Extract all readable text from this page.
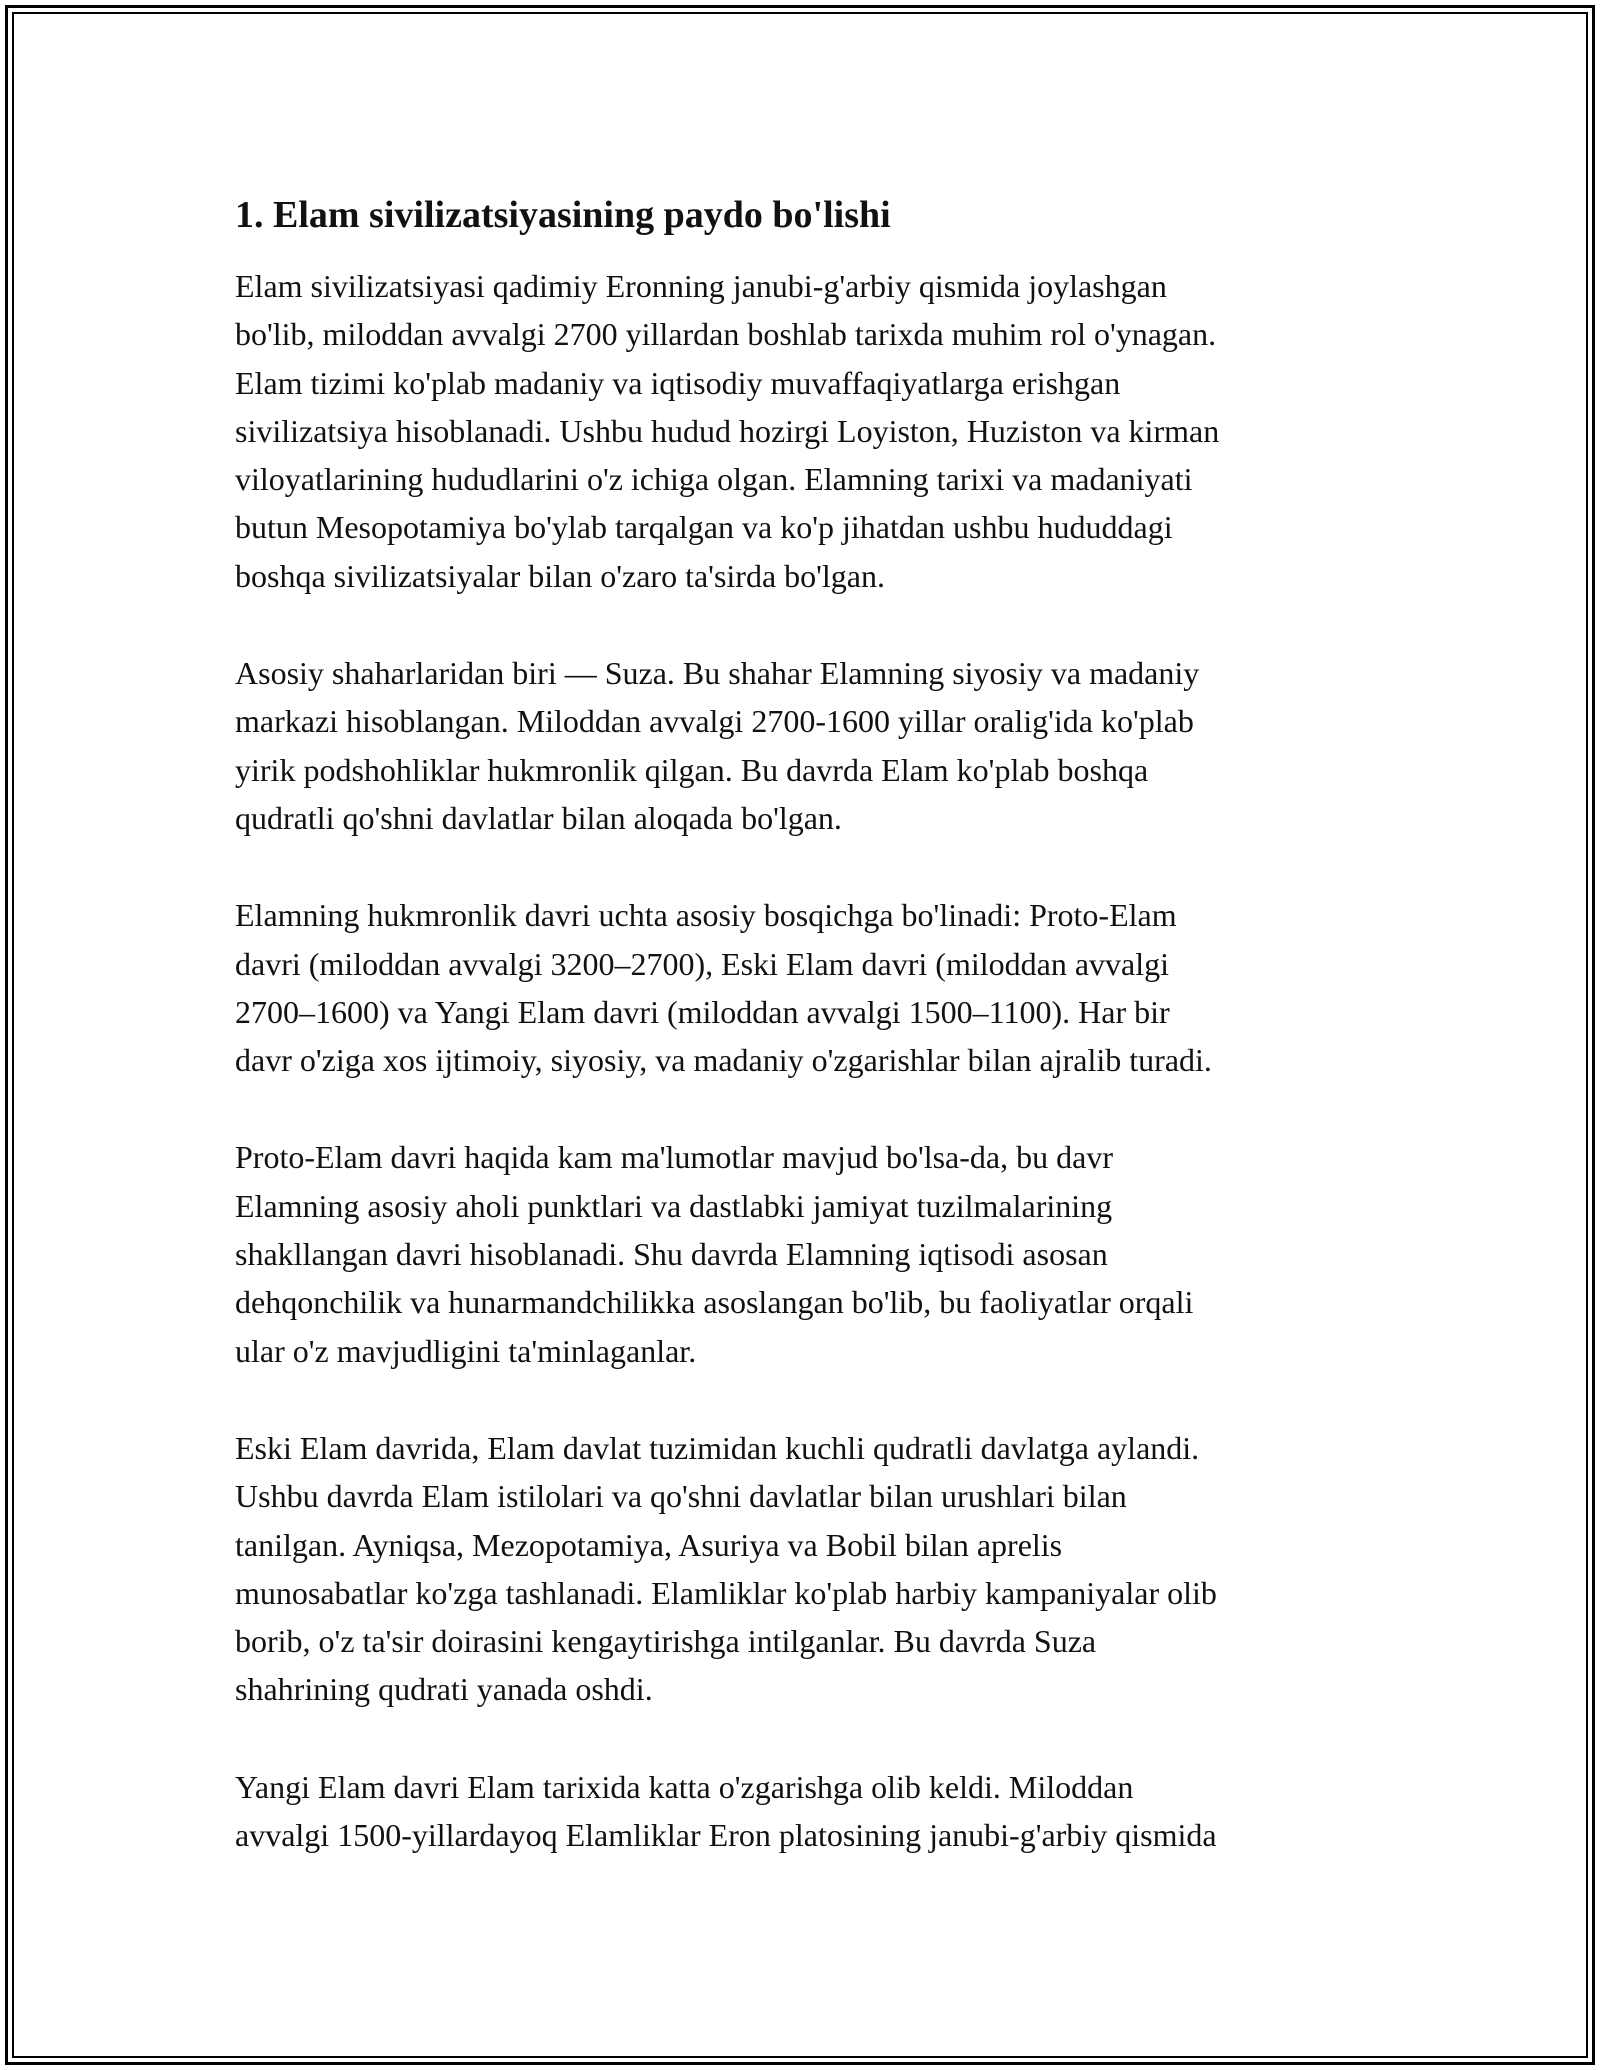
1. Elam sivilizatsiyasining paydo bo'lishi

Elam sivilizatsiyasi qadimiy Eronning janubi-g'arbiy qismida joylashgan
bo'lib, miloddan avvalgi 2700 yillardan boshlab tarixda muhim rol o'ynagan.
Elam tizimi ko'plab madaniy va iqtisodiy muvaffaqiyatlarga erishgan
sivilizatsiya hisoblanadi. Ushbu hudud hozirgi Loyiston, Huziston va kirman
viloyatlarining hududlarini o'z ichiga olgan. Elamning tarixi va madaniyati
butun Mesopotamiya bo'ylab tarqalgan va ko'p jihatdan ushbu hududdagi
boshqa sivilizatsiyalar bilan o'zaro ta'sirda bo'lgan.

Asosiy shaharlaridan biri — Suza. Bu shahar Elamning siyosiy va madaniy
markazi hisoblangan. Miloddan avvalgi 2700-1600 yillar oralig'ida ko'plab
yirik podshohliklar hukmronlik qilgan. Bu davrda Elam ko'plab boshqa
qudratli qo'shni davlatlar bilan aloqada bo'lgan.

Elamning hukmronlik davri uchta asosiy bosqichga bo'linadi: Proto-Elam
davri (miloddan avvalgi 3200–2700), Eski Elam davri (miloddan avvalgi
2700–1600) va Yangi Elam davri (miloddan avvalgi 1500–1100). Har bir
davr o'ziga xos ijtimoiy, siyosiy, va madaniy o'zgarishlar bilan ajralib turadi.

Proto-Elam davri haqida kam ma'lumotlar mavjud bo'lsa-da, bu davr
Elamning asosiy aholi punktlari va dastlabki jamiyat tuzilmalarining
shakllangan davri hisoblanadi. Shu davrda Elamning iqtisodi asosan
dehqonchilik va hunarmandchilikka asoslangan bo'lib, bu faoliyatlar orqali
ular o'z mavjudligini ta'minlaganlar.

Eski Elam davrida, Elam davlat tuzimidan kuchli qudratli davlatga aylandi.
Ushbu davrda Elam istilolari va qo'shni davlatlar bilan urushlari bilan
tanilgan. Ayniqsa, Mezopotamiya, Asuriya va Bobil bilan aprelis
munosabatlar ko'zga tashlanadi. Elamliklar ko'plab harbiy kampaniyalar olib
borib, o'z ta'sir doirasini kengaytirishga intilganlar. Bu davrda Suza
shahrining qudrati yanada oshdi.

Yangi Elam davri Elam tarixida katta o'zgarishga olib keldi. Miloddan
avvalgi 1500-yillardayoq Elamliklar Eron platosining janubi-g'arbiy qismida
